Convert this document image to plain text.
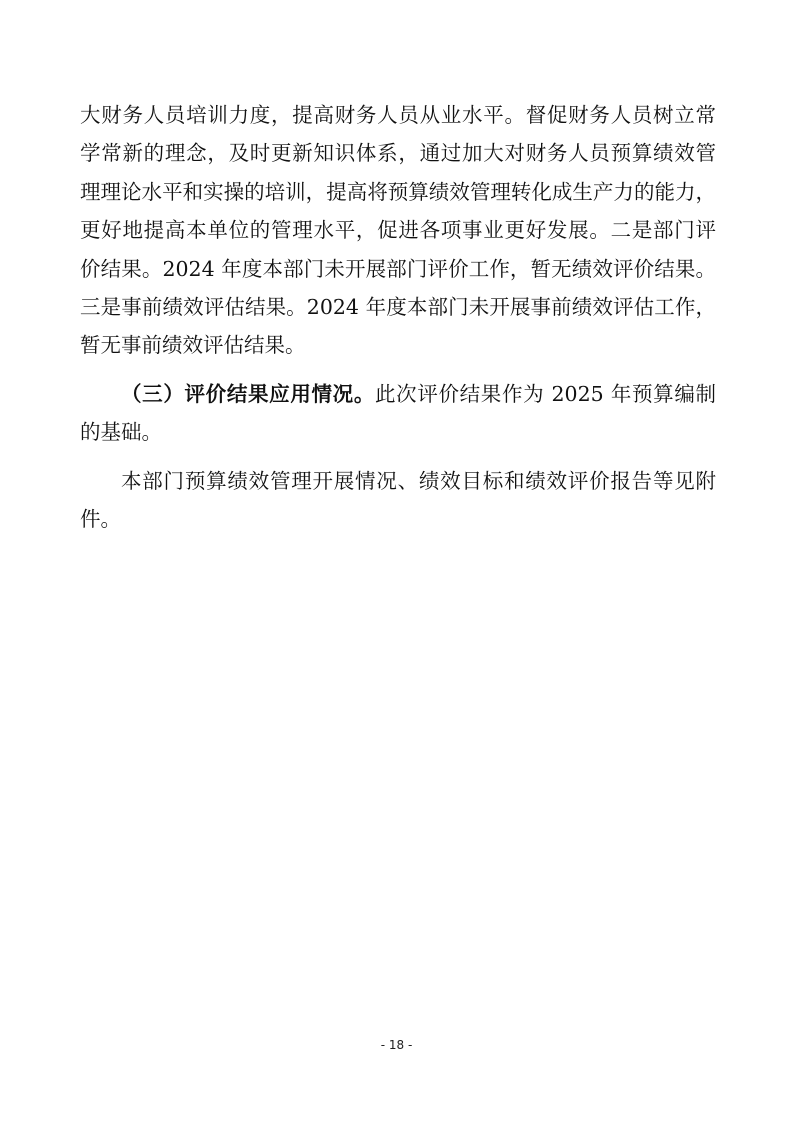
大财务人员培训力度，提高财务人员从业水平。督促财务人员树立常
学常新的理念，及时更新知识体系，通过加大对财务人员预算绩效管
理理论水平和实操的培训，提高将预算绩效管理转化成生产力的能力，
更好地提高本单位的管理水平，促进各项事业更好发展。二是部门评
价结果。2024 年度本部门未开展部门评价工作，暂无绩效评价结果。
三是事前绩效评估结果。2024 年度本部门未开展事前绩效评估工作，
暂无事前绩效评估结果。
（三）评价结果应用情况。此次评价结果作为 2025 年预算编制
的基础。
本部门预算绩效管理开展情况、绩效目标和绩效评价报告等见附
件。
- 18 -
